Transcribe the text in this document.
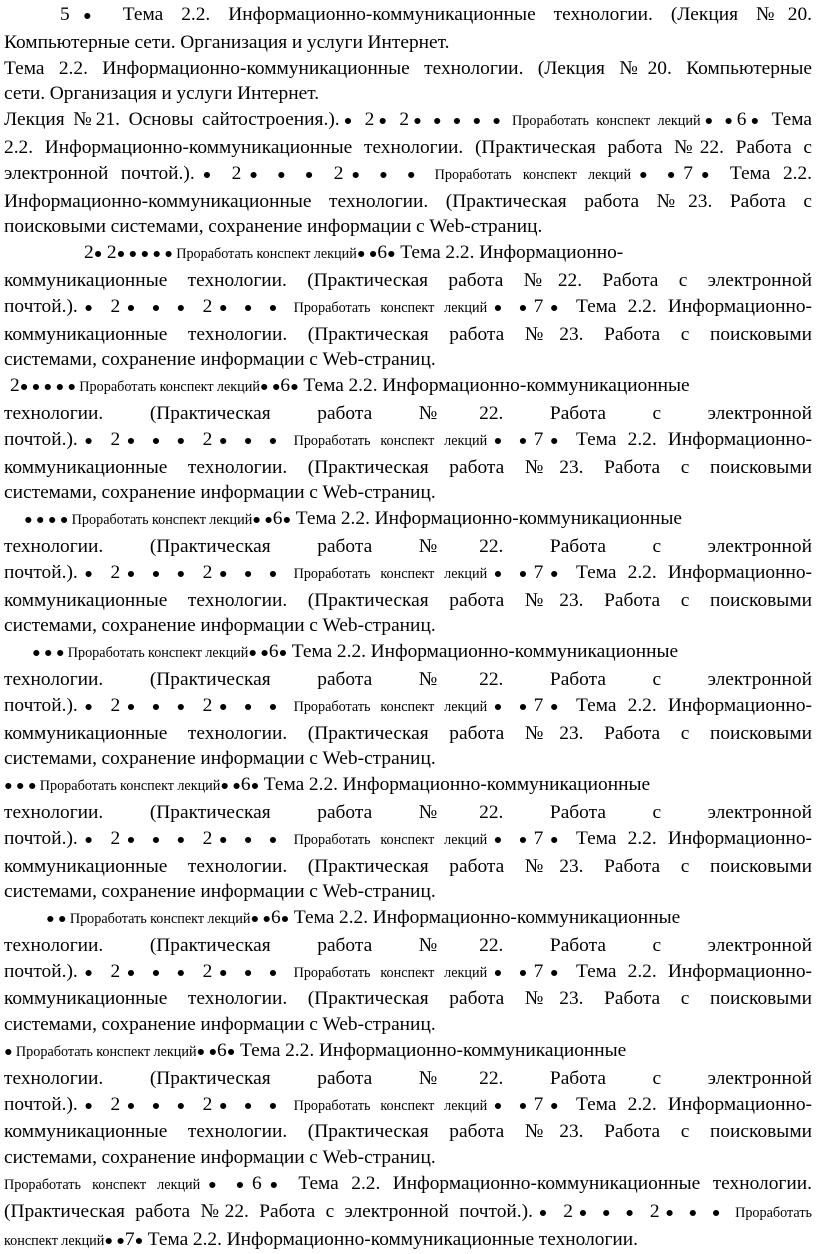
5● Тема 2.2. Информационно-коммуникационные технологии. (Лекция №20.
Компьютерные сети. Организация и услуги Интернет.

Тема 2.2. Информационно-коммуникационные технологии. (Лекция №20. Компьютерные
сети. Организация и услуги Интернет.

Лекция №21. Основы сайтостроения.).● 2● 2● ● ● ● ● Проработать конспект лекций● ●6● Тема
2.2. Информационно-коммуникационные технологии. (Практическая работа №22. Работа с
электронной почтой.).● 2● ● ● 2● ● ● Проработать конспект лекций● ●7● Тема 2.2.
Информационно-коммуникационные технологии. (Практическая работа №23. Работа с
поисковыми системами, сохранение информации с Web-страниц.

2● 2● ● ● ● ● Проработать конспект лекций● ●6● Тема 2.2. Информационно-
коммуникационные технологии. (Практическая работа №22. Работа с электронной
почтой.).● 2● ● ● 2● ● ● Проработать конспект лекций● ●7● Тема 2.2. Информационно-
коммуникационные технологии. (Практическая работа №23. Работа с поисковыми
системами, сохранение информации с Web-страниц.

2● ● ● ● ● Проработать конспект лекций● ●6● Тема 2.2. Информационно-коммуникационные
технологии. (Практическая работа №22. Работа с электронной
почтой.).● 2● ● ● 2● ● ● Проработать конспект лекций● ●7● Тема 2.2. Информационно-
коммуникационные технологии. (Практическая работа №23. Работа с поисковыми
системами, сохранение информации с Web-страниц.

● ● ● ● Проработать конспект лекций● ●6● Тема 2.2. Информационно-коммуникационные
технологии. (Практическая работа №22. Работа с электронной
почтой.).● 2● ● ● 2● ● ● Проработать конспект лекций● ●7● Тема 2.2. Информационно-
коммуникационные технологии. (Практическая работа №23. Работа с поисковыми
системами, сохранение информации с Web-страниц.

● ● ● Проработать конспект лекций● ●6● Тема 2.2. Информационно-коммуникационные
технологии. (Практическая работа №22. Работа с электронной
почтой.).● 2● ● ● 2● ● ● Проработать конспект лекций● ●7● Тема 2.2. Информационно-
коммуникационные технологии. (Практическая работа №23. Работа с поисковыми
системами, сохранение информации с Web-страниц.

● ● ● Проработать конспект лекций● ●6● Тема 2.2. Информационно-коммуникационные
технологии. (Практическая работа №22. Работа с электронной
почтой.).● 2● ● ● 2● ● ● Проработать конспект лекций● ●7● Тема 2.2. Информационно-
коммуникационные технологии. (Практическая работа №23. Работа с поисковыми
системами, сохранение информации с Web-страниц.

● ● Проработать конспект лекций● ●6● Тема 2.2. Информационно-коммуникационные
технологии. (Практическая работа №22. Работа с электронной
почтой.).● 2● ● ● 2● ● ● Проработать конспект лекций● ●7● Тема 2.2. Информационно-
коммуникационные технологии. (Практическая работа №23. Работа с поисковыми
системами, сохранение информации с Web-страниц.

● Проработать конспект лекций● ●6● Тема 2.2. Информационно-коммуникационные
технологии. (Практическая работа №22. Работа с электронной
почтой.).● 2● ● ● 2● ● ● Проработать конспект лекций● ●7● Тема 2.2. Информационно-
коммуникационные технологии. (Практическая работа №23. Работа с поисковыми
системами, сохранение информации с Web-страниц.

Проработать конспект лекций● ●6● Тема 2.2. Информационно-коммуникационные технологии.
(Практическая работа №22. Работа с электронной почтой.).● 2● ● ● 2● ● ● Проработать
конспект лекций● ●7● Тема 2.2. Информационно-коммуникационные технологии.
